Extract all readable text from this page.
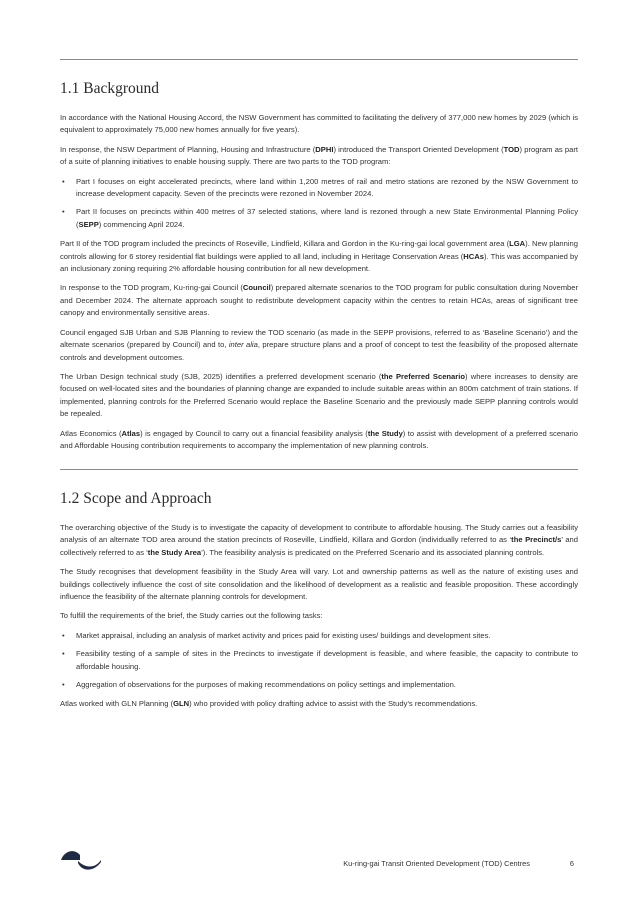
1.1 Background

In accordance with the National Housing Accord, the NSW Government has committed to facilitating the delivery of 377,000 new homes by 2029 (which is equivalent to approximately 75,000 new homes annually for five years).

In response, the NSW Department of Planning, Housing and Infrastructure (DPHI) introduced the Transport Oriented Development (TOD) program as part of a suite of planning initiatives to enable housing supply. There are two parts to the TOD program:

• Part I focuses on eight accelerated precincts, where land within 1,200 metres of rail and metro stations are rezoned by the NSW Government to increase development capacity. Seven of the precincts were rezoned in November 2024.
• Part II focuses on precincts within 400 metres of 37 selected stations, where land is rezoned through a new State Environmental Planning Policy (SEPP) commencing April 2024.

Part II of the TOD program included the precincts of Roseville, Lindfield, Killara and Gordon in the Ku-ring-gai local government area (LGA). New planning controls allowing for 6 storey residential flat buildings were applied to all land, including in Heritage Conservation Areas (HCAs). This was accompanied by an inclusionary zoning requiring 2% affordable housing contribution for all new development.

In response to the TOD program, Ku-ring-gai Council (Council) prepared alternate scenarios to the TOD program for public consultation during November and December 2024. The alternate approach sought to redistribute development capacity within the centres to retain HCAs, areas of significant tree canopy and environmentally sensitive areas.

Council engaged SJB Urban and SJB Planning to review the TOD scenario (as made in the SEPP provisions, referred to as ‘Baseline Scenario’) and the alternate scenarios (prepared by Council) and to, inter alia, prepare structure plans and a proof of concept to test the feasibility of the proposed alternate controls and development outcomes.

The Urban Design technical study (SJB, 2025) identifies a preferred development scenario (the Preferred Scenario) where increases to density are focused on well-located sites and the boundaries of planning change are expanded to include suitable areas within an 800m catchment of train stations. If implemented, planning controls for the Preferred Scenario would replace the Baseline Scenario and the previously made SEPP planning controls would be repealed.

Atlas Economics (Atlas) is engaged by Council to carry out a financial feasibility analysis (the Study) to assist with development of a preferred scenario and Affordable Housing contribution requirements to accompany the implementation of new planning controls.

1.2 Scope and Approach

The overarching objective of the Study is to investigate the capacity of development to contribute to affordable housing. The Study carries out a feasibility analysis of an alternate TOD area around the station precincts of Roseville, Lindfield, Killara and Gordon (individually referred to as ‘the Precinct/s’ and collectively referred to as ‘the Study Area’). The feasibility analysis is predicated on the Preferred Scenario and its associated planning controls.

The Study recognises that development feasibility in the Study Area will vary. Lot and ownership patterns as well as the nature of existing uses and buildings collectively influence the cost of site consolidation and the likelihood of development as a realistic and feasible proposition. These accordingly influence the feasibility of the alternate planning controls for development.

To fulfill the requirements of the brief, the Study carries out the following tasks:

• Market appraisal, including an analysis of market activity and prices paid for existing uses/ buildings and development sites.
• Feasibility testing of a sample of sites in the Precincts to investigate if development is feasible, and where feasible, the capacity to contribute to affordable housing.
• Aggregation of observations for the purposes of making recommendations on policy settings and implementation.

Atlas worked with GLN Planning (GLN) who provided with policy drafting advice to assist with the Study’s recommendations.

Ku-ring-gai Transit Oriented Development (TOD) Centres	6
